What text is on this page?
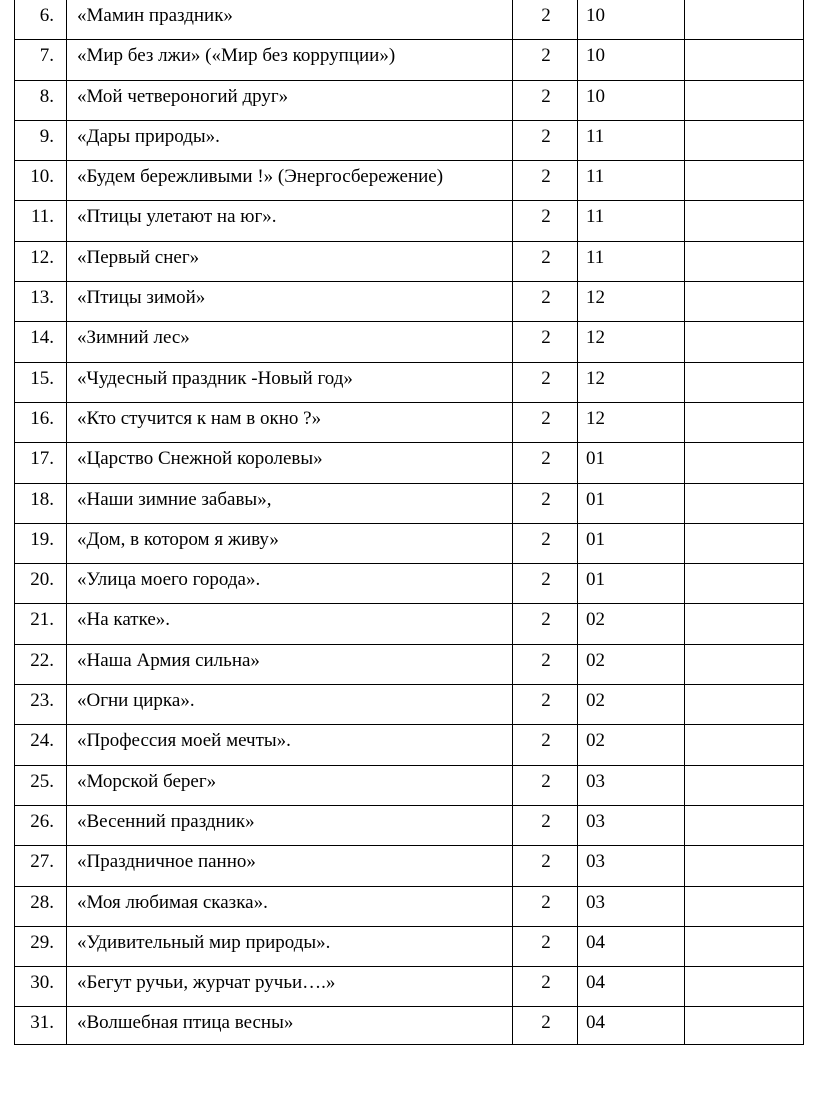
6.	«Мамин праздник»	2	10	
7.	«Мир без лжи» («Мир без коррупции»)	2	10	
8.	«Мой четвероногий друг»	2	10	
9.	«Дары природы».	2	11	
10.	«Будем бережливыми !» (Энергосбережение)	2	11	
11.	«Птицы улетают на юг».	2	11	
12.	«Первый снег»	2	11	
13.	«Птицы зимой»	2	12	
14.	«Зимний лес»	2	12	
15.	«Чудесный праздник -Новый год»	2	12	
16.	«Кто стучится к нам в окно ?»	2	12	
17.	«Царство Снежной королевы»	2	01	
18.	«Наши зимние забавы»,	2	01	
19.	«Дом, в котором я живу»	2	01	
20.	«Улица моего города».	2	01	
21.	«На катке».	2	02	
22.	«Наша Армия сильна»	2	02	
23.	«Огни цирка».	2	02	
24.	«Профессия моей мечты».	2	02	
25.	«Морской берег»	2	03	
26.	«Весенний праздник»	2	03	
27.	«Праздничное панно»	2	03	
28.	«Моя любимая сказка».	2	03	
29.	«Удивительный мир природы».	2	04	
30.	«Бегут ручьи, журчат ручьи….»	2	04	
31.	«Волшебная птица весны»	2	04	
